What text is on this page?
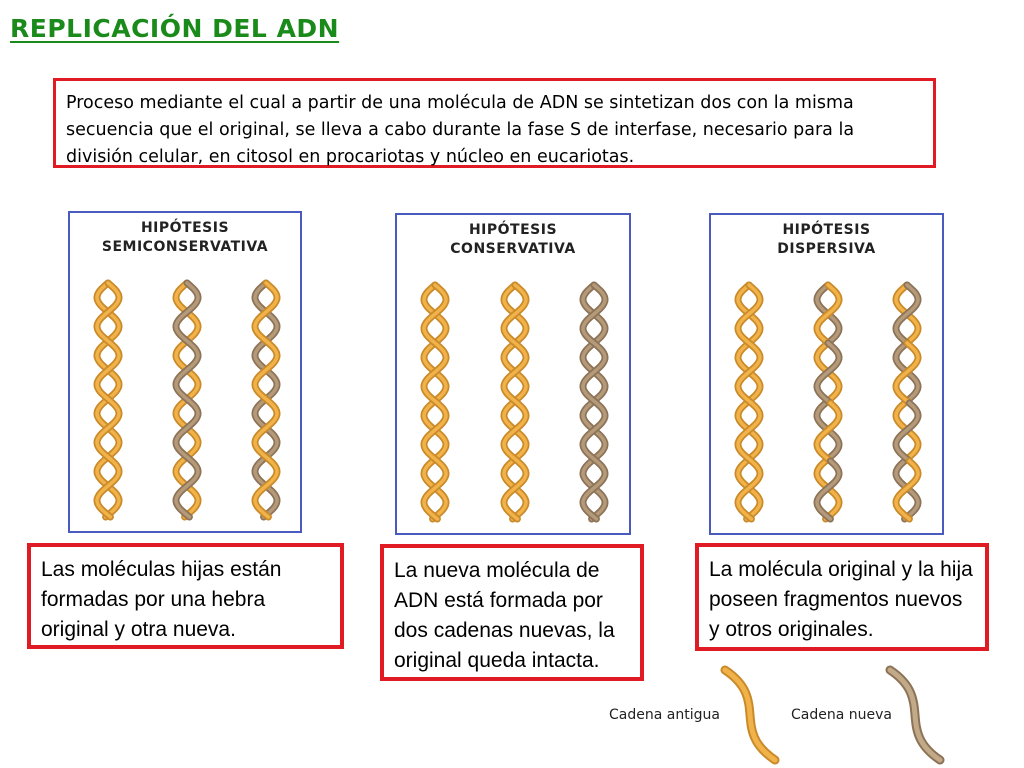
REPLICACIÓN DEL ADN
Proceso mediante el cual a partir de una molécula de ADN se sintetizan dos con la misma secuencia que el original, se lleva a cabo durante la fase S de interfase, necesario para la división celular, en citosol en procariotas y núcleo en eucariotas.
HIPÓTESIS
SEMICONSERVATIVA
HIPÓTESIS
CONSERVATIVA
HIPÓTESIS
DISPERSIVA
Las moléculas hijas están formadas por una hebra original y otra nueva.
La nueva molécula de ADN está formada por dos cadenas nuevas, la original queda intacta.
La molécula original y la hija poseen fragmentos nuevos y otros originales.
Cadena antigua	Cadena nueva
